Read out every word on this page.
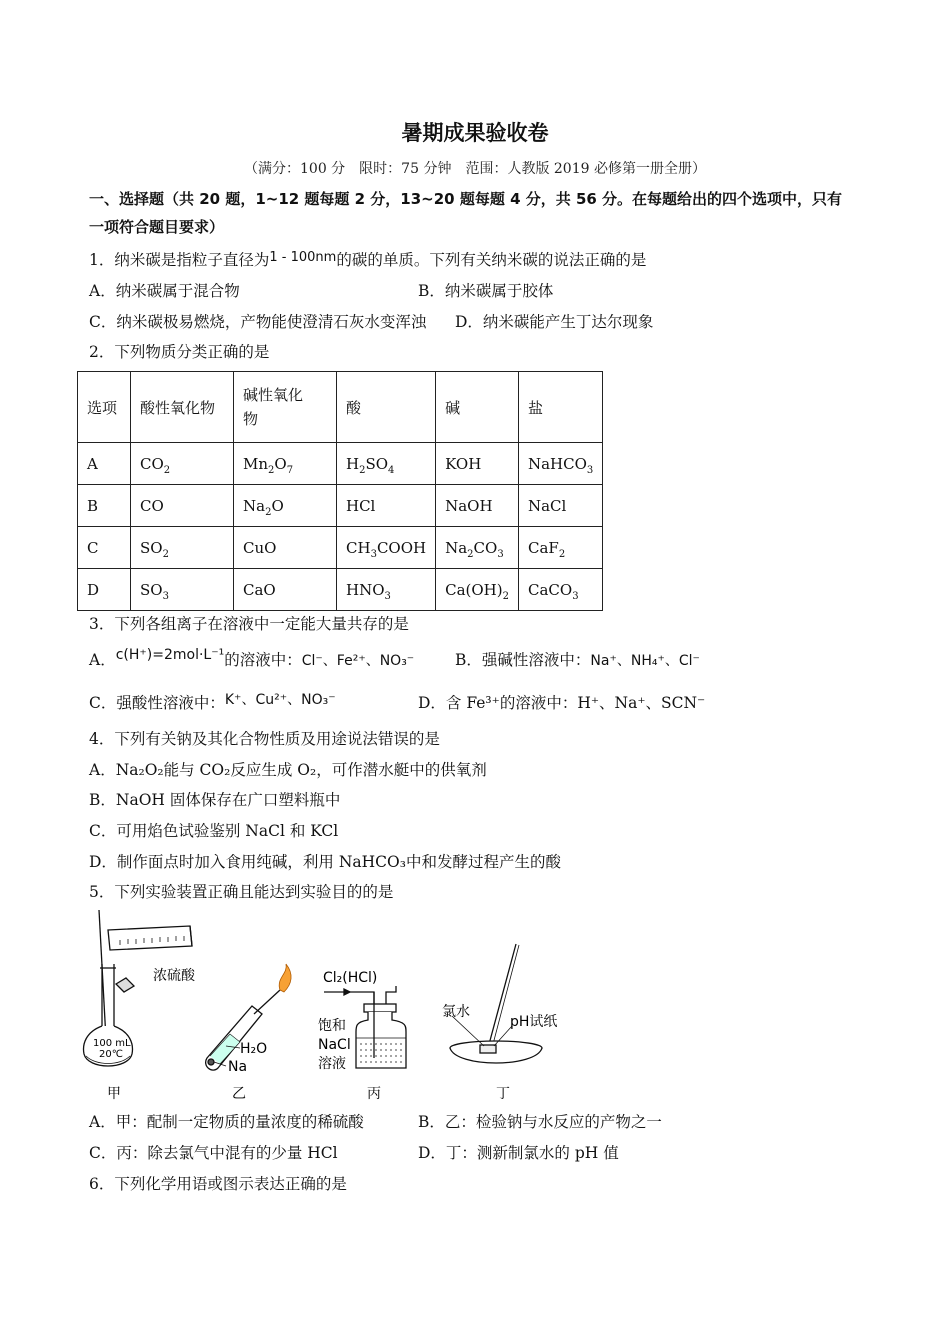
暑期成果验收卷
（满分：100 分　限时：75 分钟　范围：人教版 2019 必修第一册全册）
一、选择题（共 20 题，1~12 题每题 2 分，13~20 题每题 4 分，共 56 分。在每题给出的四个选项中，只有
一项符合题目要求）
1．纳米碳是指粒子直径为$^{1 - 100nm}$的碳的单质。下列有关纳米碳的说法正确的是
A．纳米碳属于混合物	B．纳米碳属于胶体
C．纳米碳极易燃烧，产物能使澄清石灰水变浑浊 D．纳米碳能产生丁达尔现象
2．下列物质分类正确的是
选项	酸性氧化物	碱性氧化
物	酸	碱	盐
A	$CO_2$	$Mn_2O_7$	$H_2SO_4$	KOH	NaHCO$_3$
B	CO	$Na_2O$	HCl	NaOH	NaCl
C	$SO_2$	CuO	$CH_3COOH$	$Na_2CO_3$	CaF$_2$
D	$SO_3$	CaO	$HNO_3$	$Ca(OH)_2$	CaCO$_3$
3．下列各组离子在溶液中一定能大量共存的是
A．c(H⁺)=2mol·L⁻¹的溶液中：Cl⁻、Fe²⁺、NO₃⁻	B．强碱性溶液中：Na⁺、NH₄⁺、Cl⁻
C．强酸性溶液中：K⁺、Cu²⁺、NO₃⁻	D．含 Fe³⁺的溶液中：H⁺、Na⁺、SCN⁻
4．下列有关钠及其化合物性质及用途说法错误的是
A．Na₂O₂能与 CO₂反应生成 O₂，可作潜水艇中的供氧剂
B．NaOH 固体保存在广口塑料瓶中
C．可用焰色试验鉴别 NaCl 和 KCl
D．制作面点时加入食用纯碱，利用 NaHCO₃中和发酵过程产生的酸
5．下列实验装置正确且能达到实验目的的是
浓硫酸
100 mL
20℃
甲
H₂O
Na
乙
Cl₂(HCl)
饱和
NaCl
溶液
丙
氯水
pH试纸
丁
A．甲：配制一定物质的量浓度的稀硫酸	B．乙：检验钠与水反应的产物之一
C．丙：除去氯气中混有的少量 HCl	D．丁：测新制氯水的 pH 值
6．下列化学用语或图示表达正确的是
